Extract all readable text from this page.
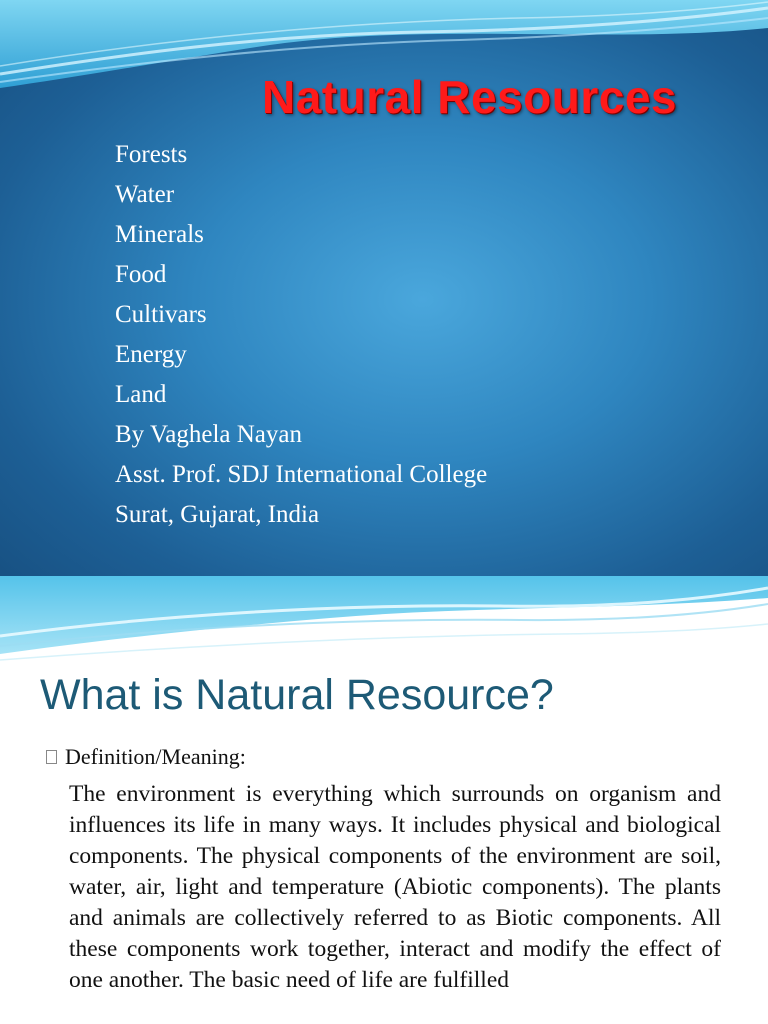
Natural Resources
Forests
Water
Minerals
Food
Cultivars
Energy
Land
By Vaghela Nayan
Asst. Prof. SDJ International College
Surat, Gujarat, India
What is Natural Resource?
Definition/Meaning:

The environment is everything which surrounds on organism and influences its life in many ways. It includes physical and biological components. The physical components of the environment are soil, water, air, light and temperature (Abiotic components). The plants and animals are collectively referred to as Biotic components. All these components work together, interact and modify the effect of one another. The basic need of life are fulfilled
